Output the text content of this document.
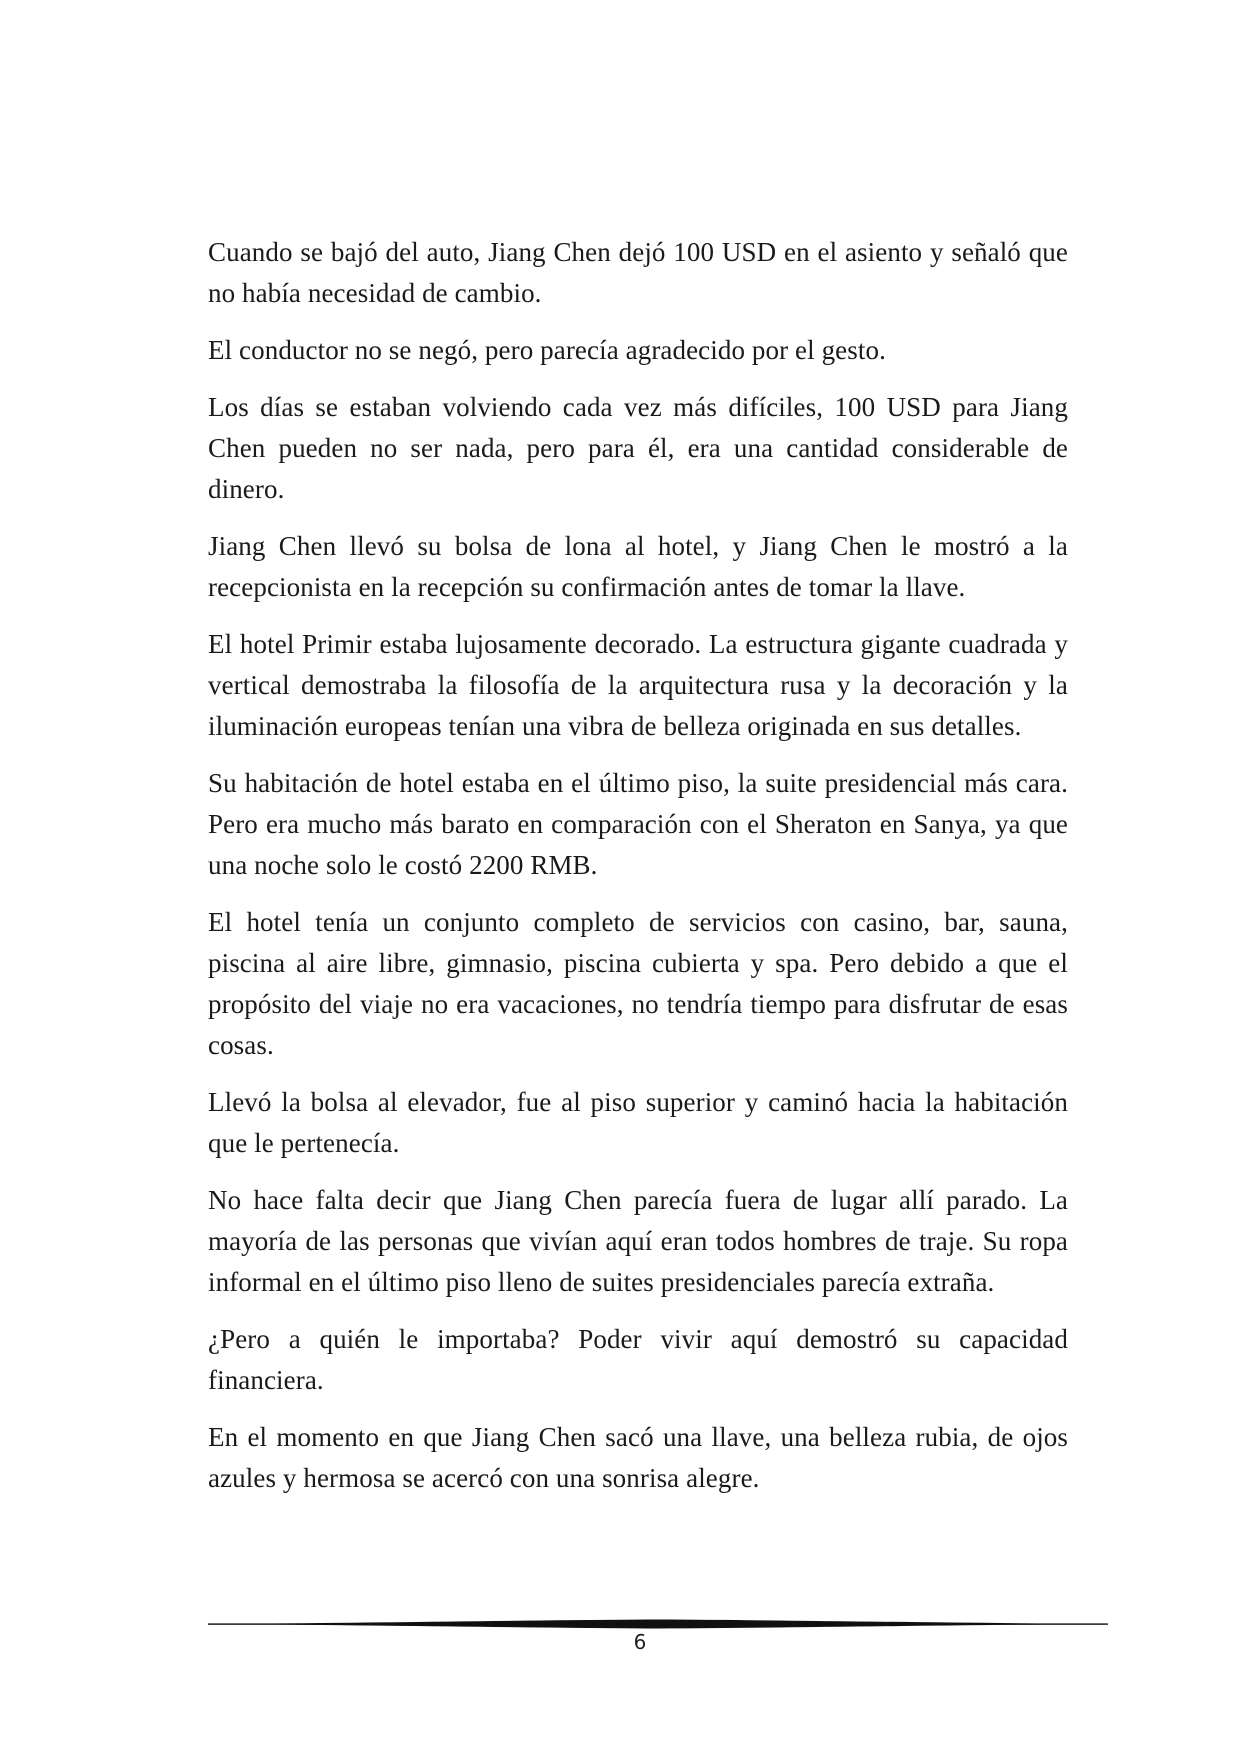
Cuando se bajó del auto, Jiang Chen dejó 100 USD en el asiento y señaló que no había necesidad de cambio.

El conductor no se negó, pero parecía agradecido por el gesto.

Los días se estaban volviendo cada vez más difíciles, 100 USD para Jiang Chen pueden no ser nada, pero para él, era una cantidad considerable de dinero.

Jiang Chen llevó su bolsa de lona al hotel, y Jiang Chen le mostró a la recepcionista en la recepción su confirmación antes de tomar la llave.

El hotel Primir estaba lujosamente decorado. La estructura gigante cuadrada y vertical demostraba la filosofía de la arquitectura rusa y la decoración y la iluminación europeas tenían una vibra de belleza originada en sus detalles.

Su habitación de hotel estaba en el último piso, la suite presidencial más cara. Pero era mucho más barato en comparación con el Sheraton en Sanya, ya que una noche solo le costó 2200 RMB.

El hotel tenía un conjunto completo de servicios con casino, bar, sauna, piscina al aire libre, gimnasio, piscina cubierta y spa. Pero debido a que el propósito del viaje no era vacaciones, no tendría tiempo para disfrutar de esas cosas.

Llevó la bolsa al elevador, fue al piso superior y caminó hacia la habitación que le pertenecía.

No hace falta decir que Jiang Chen parecía fuera de lugar allí parado. La mayoría de las personas que vivían aquí eran todos hombres de traje. Su ropa informal en el último piso lleno de suites presidenciales parecía extraña.

¿Pero a quién le importaba? Poder vivir aquí demostró su capacidad financiera.

En el momento en que Jiang Chen sacó una llave, una belleza rubia, de ojos azules y hermosa se acercó con una sonrisa alegre.

6
